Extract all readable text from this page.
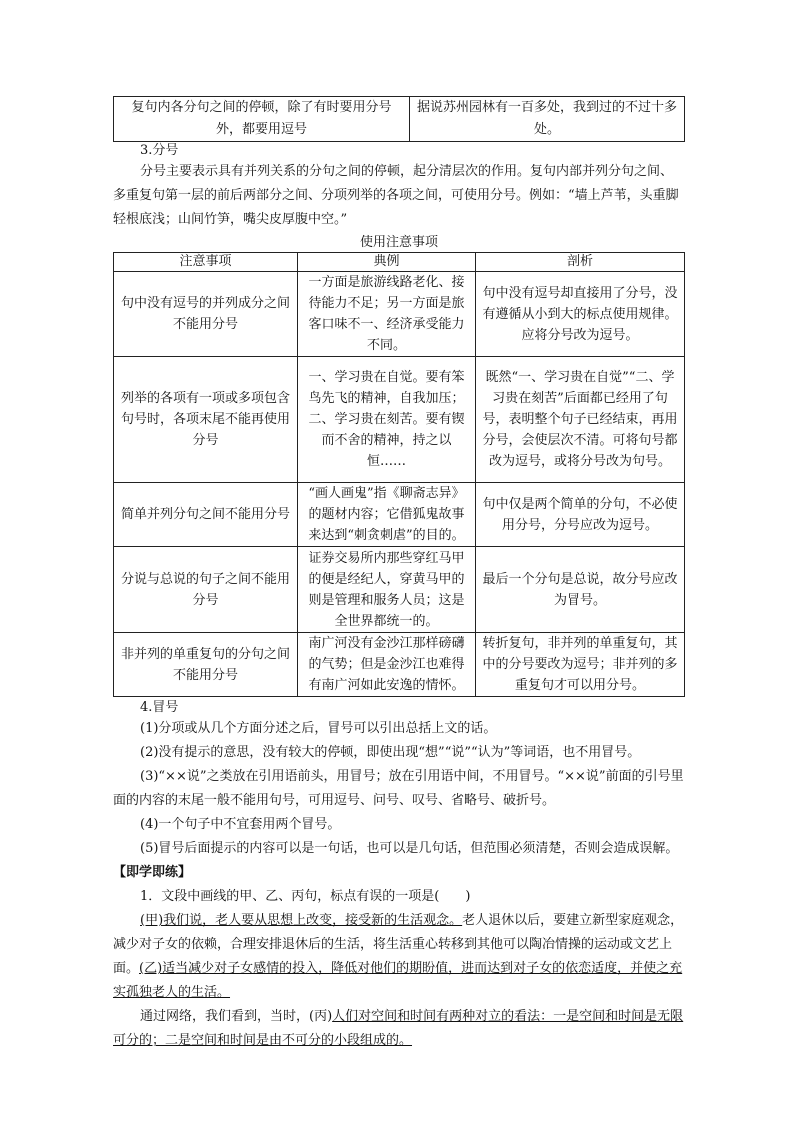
复句内各分句之间的停顿，除了有时要用分号外，都要用逗号	据说苏州园林有一百多处，我到过的不过十多处。

3.分号

分号主要表示具有并列关系的分句之间的停顿，起分清层次的作用。复句内部并列分句之间、多重复句第一层的前后两部分之间、分项列举的各项之间，可使用分号。例如：“墙上芦苇，头重脚轻根底浅；山间竹笋，嘴尖皮厚腹中空。”

使用注意事项

注意事项	典例	剖析
句中没有逗号的并列成分之间不能用分号	一方面是旅游线路老化、接待能力不足；另一方面是旅客口味不一、经济承受能力不同。	句中没有逗号却直接用了分号，没有遵循从小到大的标点使用规律。应将分号改为逗号。
列举的各项有一项或多项包含句号时，各项末尾不能再使用分号	一、学习贵在自觉。要有笨鸟先飞的精神，自我加压；二、学习贵在刻苦。要有锲而不舍的精神，持之以恒……	既然“一、学习贵在自觉”“二、学习贵在刻苦”后面都已经用了句号，表明整个句子已经结束，再用分号，会使层次不清。可将句号都改为逗号，或将分号改为句号。
简单并列分句之间不能用分号	“画人画鬼”指《聊斋志异》的题材内容；它借狐鬼故事来达到“刺贪刺虐”的目的。	句中仅是两个简单的分句，不必使用分号，分号应改为逗号。
分说与总说的句子之间不能用分号	证券交易所内那些穿红马甲的便是经纪人，穿黄马甲的则是管理和服务人员；这是全世界都统一的。	最后一个分句是总说，故分号应改为冒号。
非并列的单重复句的分句之间不能用分号	南广河没有金沙江那样磅礴的气势；但是金沙江也难得有南广河如此安逸的情怀。	转折复句，非并列的单重复句，其中的分号要改为逗号；非并列的多重复句才可以用分号。

4.冒号

(1)分项或从几个方面分述之后，冒号可以引出总括上文的话。

(2)没有提示的意思，没有较大的停顿，即使出现“想”“说”“认为”等词语，也不用冒号。

(3)“××说”之类放在引用语前头，用冒号；放在引用语中间，不用冒号。“××说”前面的引号里面的内容的末尾一般不能用句号，可用逗号、问号、叹号、省略号、破折号。

(4)一个句子中不宜套用两个冒号。

(5)冒号后面提示的内容可以是一句话，也可以是几句话，但范围必须清楚，否则会造成误解。

【即学即练】

1．文段中画线的甲、乙、丙句，标点有误的一项是(　　)

(甲)我们说，老人要从思想上改变，接受新的生活观念。老人退休以后，要建立新型家庭观念，减少对子女的依赖，合理安排退休后的生活，将生活重心转移到其他可以陶冶情操的运动或文艺上面。(乙)适当减少对子女感情的投入，降低对他们的期盼值，进而达到对子女的依恋适度，并使之充实孤独老人的生活。

通过网络，我们看到，当时，(丙)人们对空间和时间有两种对立的看法：一是空间和时间是无限可分的；二是空间和时间是由不可分的小段组成的。
